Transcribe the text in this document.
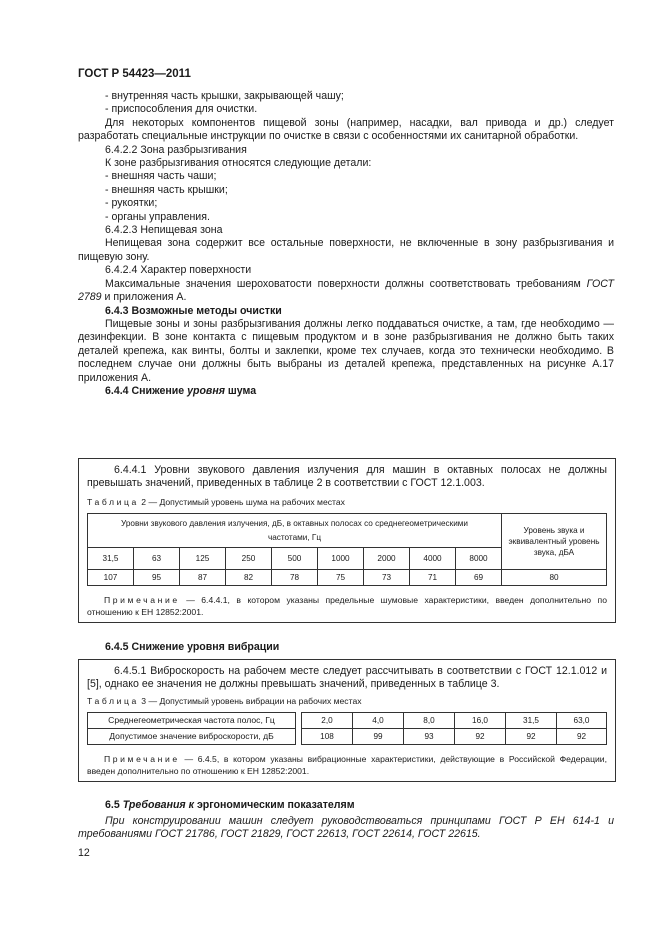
ГОСТ Р 54423—2011

- внутренняя часть крышки, закрывающей чашу;

- приспособления для очистки.

Для некоторых компонентов пищевой зоны (например, насадки, вал привода и др.) следует разработать специальные инструкции по очистке в связи с особенностями их санитарной обработки.

6.4.2.2 Зона разбрызгивания

К зоне разбрызгивания относятся следующие детали:

- внешняя часть чаши;

- внешняя часть крышки;

- рукоятки;

- органы управления.

6.4.2.3 Непищевая зона

Непищевая зона содержит все остальные поверхности, не включенные в зону разбрызгивания и пищевую зону.

6.4.2.4 Характер поверхности

Максимальные значения шероховатости поверхности должны соответствовать требованиям ГОСТ 2789 и приложения А.

6.4.3 Возможные методы очистки

Пищевые зоны и зоны разбрызгивания должны легко поддаваться очистке, а там, где необходимо — дезинфекции. В зоне контакта с пищевым продуктом и в зоне разбрызгивания не должно быть таких деталей крепежа, как винты, болты и заклепки, кроме тех случаев, когда это технически необходимо. В последнем случае они должны быть выбраны из деталей крепежа, представленных на рисунке А.17 приложения А.

6.4.4 Снижение уровня шума

6.4.4.1 Уровни звукового давления излучения для машин в октавных полосах не должны превышать значений, приведенных в таблице 2 в соответствии с ГОСТ 12.1.003.

Таблица 2 — Допустимый уровень шума на рабочих местах
Уровни звукового давления излучения, дБ, в октавных полосах со среднегеометрическими частотами, Гц									Уровень звука и эквивалентный уровень звука, дБА
31,5	63	125	250	500	1000	2000	4000	8000	
107	95	87	82	78	75	73	71	69	80

Примечание — 6.4.4.1, в котором указаны предельные шумовые характеристики, введен дополнительно по отношению к ЕН 12852:2001.

6.4.5 Снижение уровня вибрации

6.4.5.1 Виброскорость на рабочем месте следует рассчитывать в соответствии с ГОСТ 12.1.012 и [5], однако ее значения не должны превышать значений, приведенных в таблице 3.

Таблица 3 — Допустимый уровень вибрации на рабочих местах
Среднегеометрическая частота полос, Гц		2,0	4,0	8,0	16,0	31,5	63,0
Допустимое значение виброскорости, дБ		108	99	93	92	92	92

Примечание — 6.4.5, в котором указаны вибрационные характеристики, действующие в Российской Федерации, введен дополнительно по отношению к ЕН 12852:2001.

6.5 Требования к эргономическим показателям

При конструировании машин следует руководствоваться принципами ГОСТ Р ЕН 614-1 и требованиями ГОСТ 21786, ГОСТ 21829, ГОСТ 22613, ГОСТ 22614, ГОСТ 22615.

12
